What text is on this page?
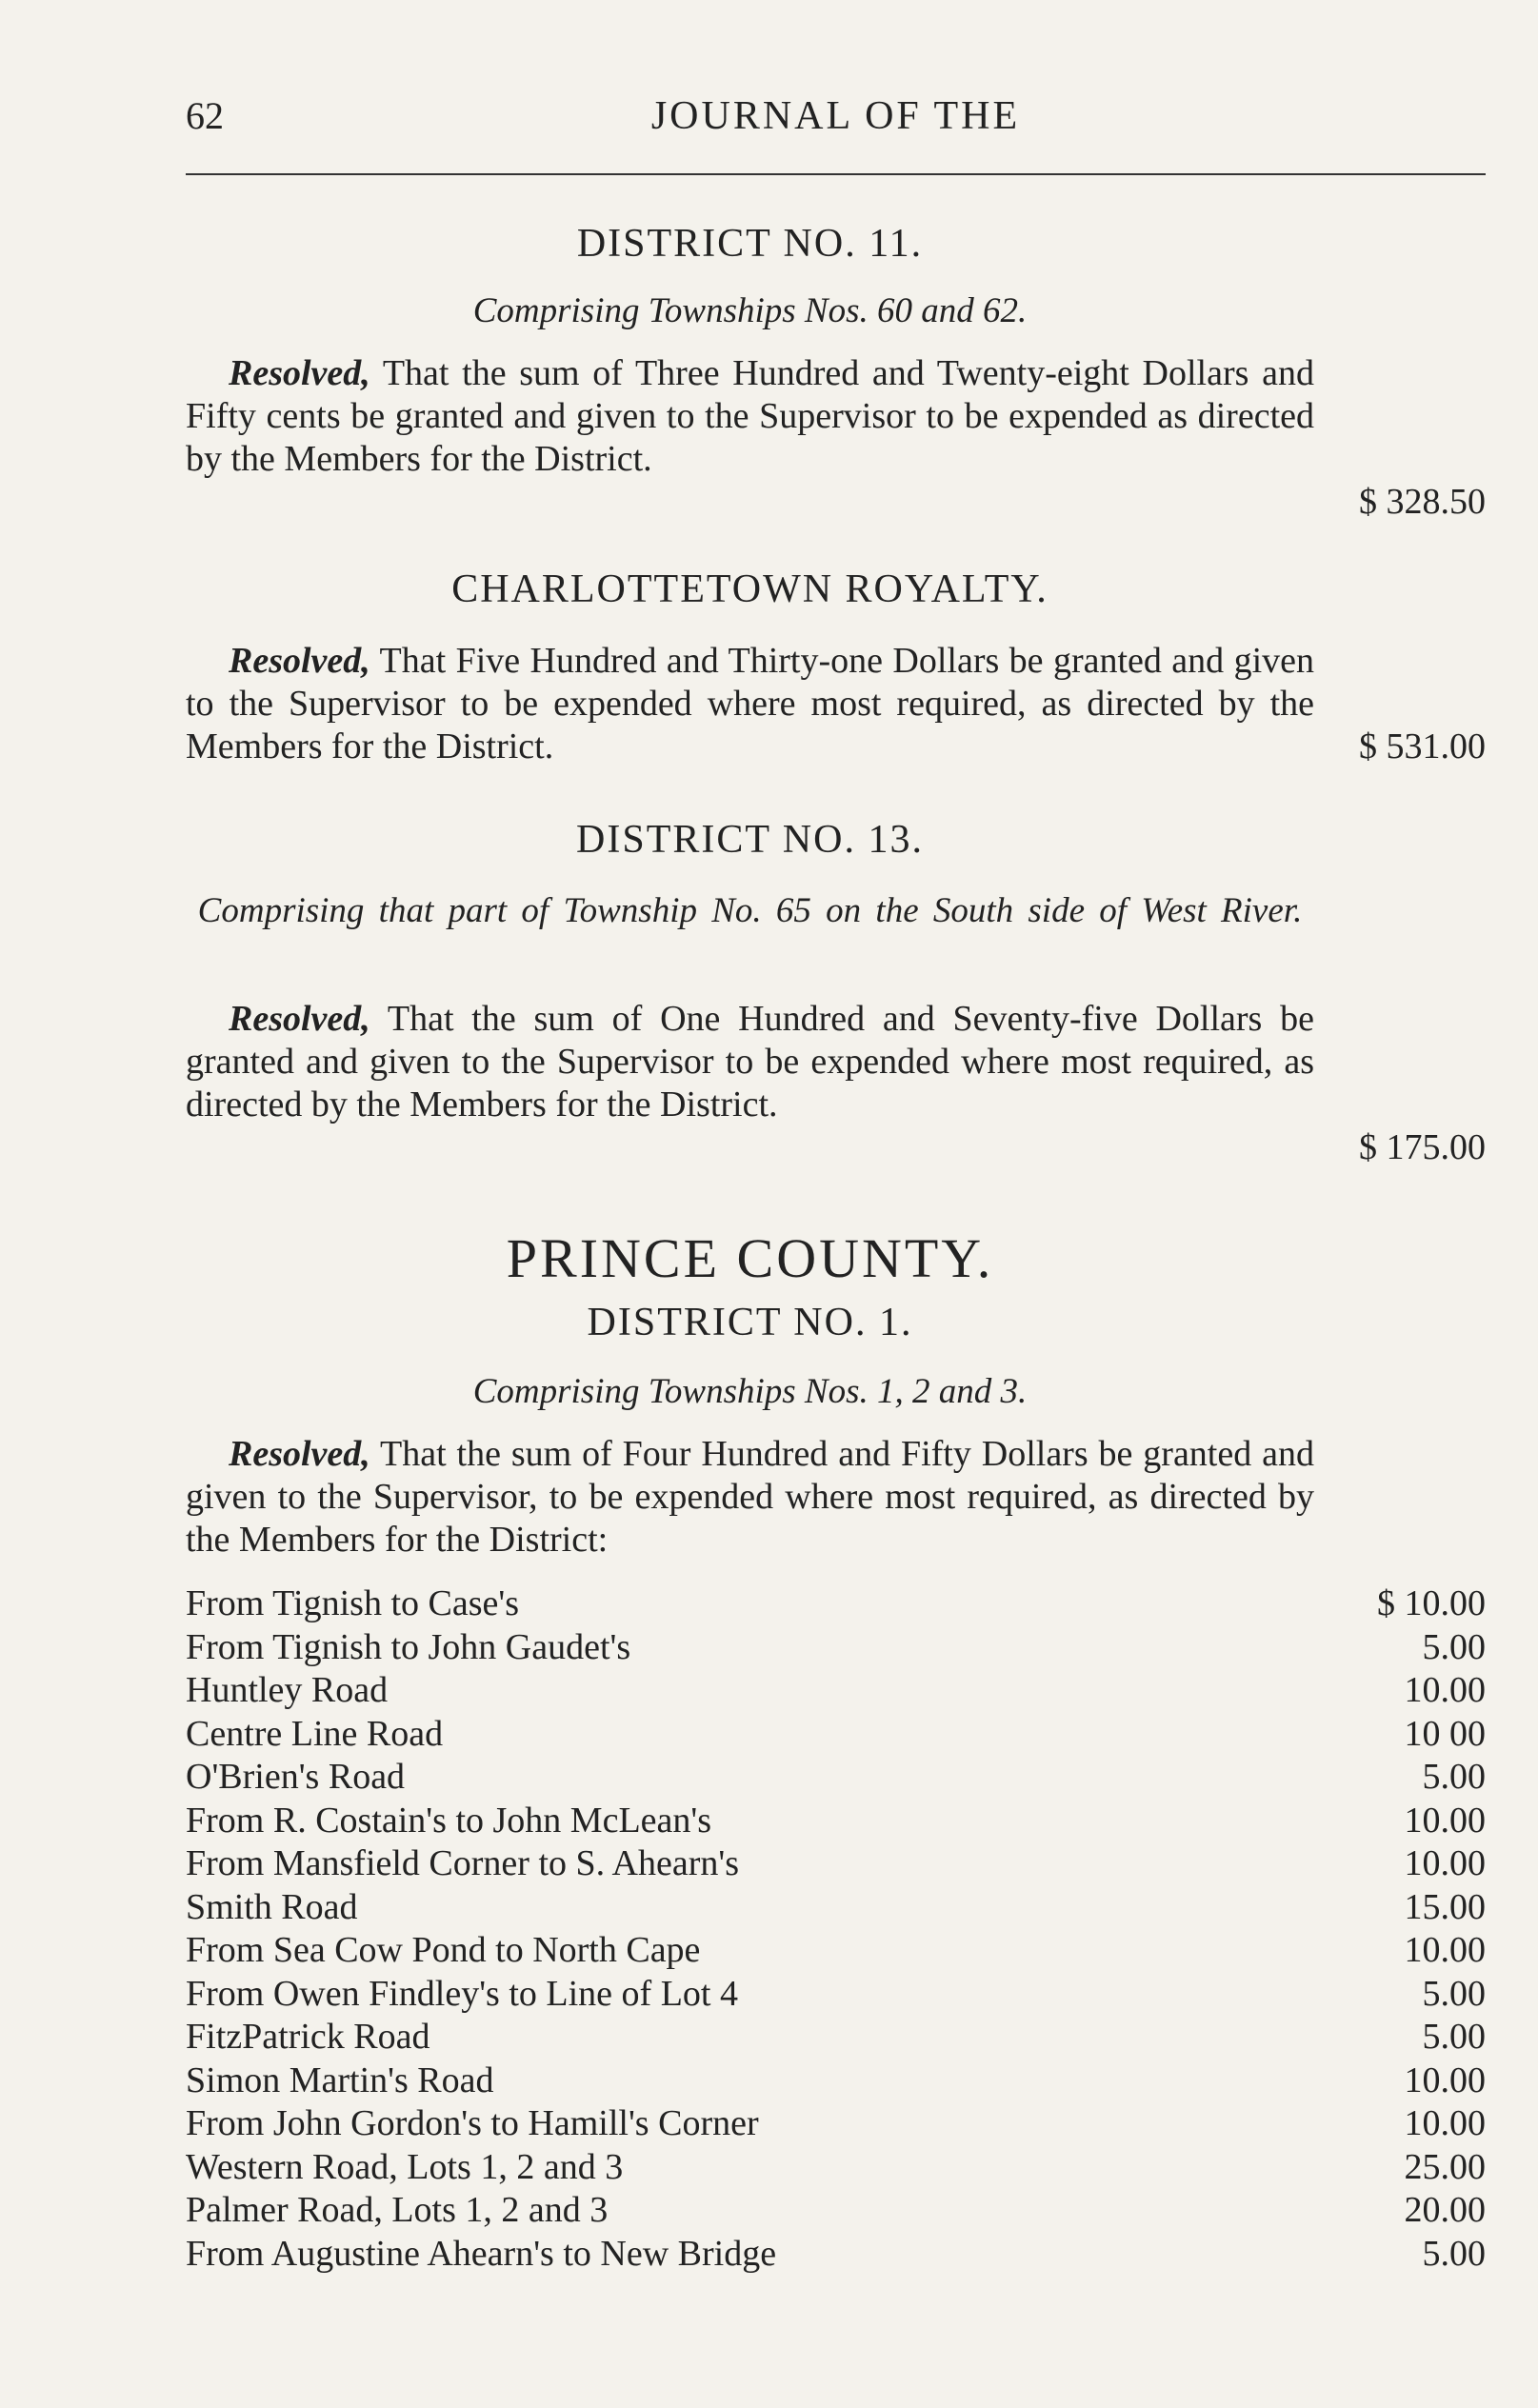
62	JOURNAL OF THE
DISTRICT NO. 11.
Comprising Townships Nos. 60 and 62.
Resolved, That the sum of Three Hundred and Twenty-eight Dollars and Fifty cents be granted and given to the Supervisor to be expended as directed by the Members for the District.
$ 328.50
CHARLOTTETOWN ROYALTY.
Resolved, That Five Hundred and Thirty-one Dollars be granted and given to the Supervisor to be expended where most required, as directed by the Members for the District.	$ 531.00
DISTRICT NO. 13.
Comprising that part of Township No. 65 on the South side of West River.
Resolved, That the sum of One Hundred and Seventy-five Dollars be granted and given to the Supervisor to be expended where most required, as directed by the Members for the District.
$ 175.00
PRINCE COUNTY.
DISTRICT NO. 1.
Comprising Townships Nos. 1, 2 and 3.
Resolved, That the sum of Four Hundred and Fifty Dollars be granted and given to the Supervisor, to be expended where most required, as directed by the Members for the District:
From Tignish to Case's	$ 10.00
From Tignish to John Gaudet's	5.00
Huntley Road	10.00
Centre Line Road	10 00
O'Brien's Road	5.00
From R. Costain's to John McLean's	10.00
From Mansfield Corner to S. Ahearn's	10.00
Smith Road	15.00
From Sea Cow Pond to North Cape	10.00
From Owen Findley's to Line of Lot 4	5.00
FitzPatrick Road	5.00
Simon Martin's Road	10.00
From John Gordon's to Hamill's Corner	10.00
Western Road, Lots 1, 2 and 3	25.00
Palmer Road, Lots 1, 2 and 3	20.00
From Augustine Ahearn's to New Bridge	5.00
